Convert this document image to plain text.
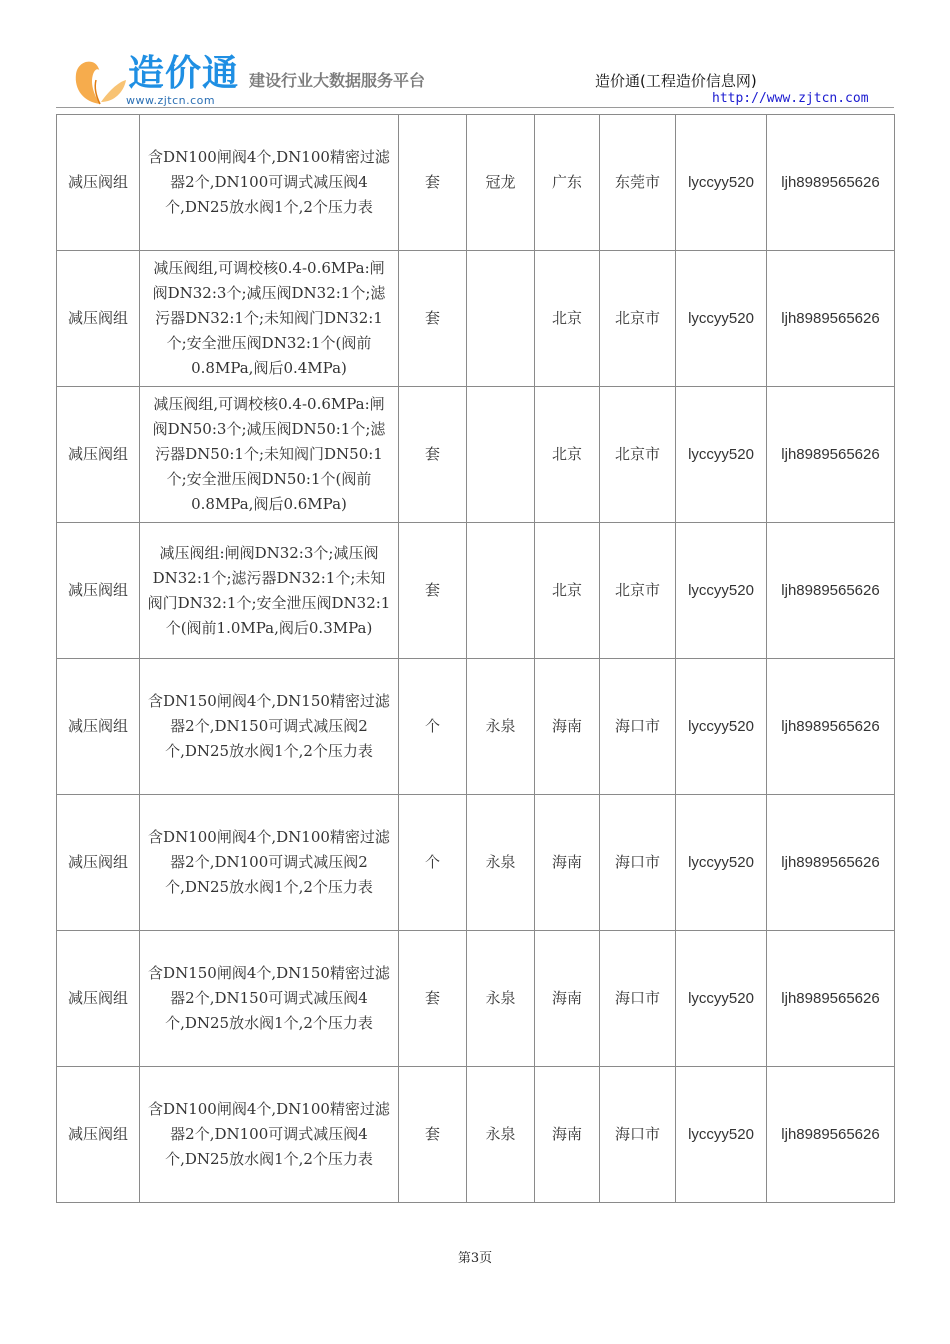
造价通
www.zjtcn.com
建设行业大数据服务平台	造价通(工程造价信息网)
http://www.zjtcn.com
减压阀组	含DN100闸阀4个,DN100精密过滤器2个,DN100可调式减压阀4个,DN25放水阀1个,2个压力表	套	冠龙	广东	东莞市	lyccyy520	ljh8989565626
减压阀组	减压阀组,可调校核0.4-0.6MPa:闸阀DN32:3个;减压阀DN32:1个;滤污器DN32:1个;未知阀门DN32:1个;安全泄压阀DN32:1个(阀前0.8MPa,阀后0.4MPa)	套		北京	北京市	lyccyy520	ljh8989565626
减压阀组	减压阀组,可调校核0.4-0.6MPa:闸阀DN50:3个;减压阀DN50:1个;滤污器DN50:1个;未知阀门DN50:1个;安全泄压阀DN50:1个(阀前0.8MPa,阀后0.6MPa)	套		北京	北京市	lyccyy520	ljh8989565626
减压阀组	减压阀组:闸阀DN32:3个;减压阀DN32:1个;滤污器DN32:1个;未知阀门DN32:1个;安全泄压阀DN32:1个(阀前1.0MPa,阀后0.3MPa)	套		北京	北京市	lyccyy520	ljh8989565626
减压阀组	含DN150闸阀4个,DN150精密过滤器2个,DN150可调式减压阀2个,DN25放水阀1个,2个压力表	个	永泉	海南	海口市	lyccyy520	ljh8989565626
减压阀组	含DN100闸阀4个,DN100精密过滤器2个,DN100可调式减压阀2个,DN25放水阀1个,2个压力表	个	永泉	海南	海口市	lyccyy520	ljh8989565626
减压阀组	含DN150闸阀4个,DN150精密过滤器2个,DN150可调式减压阀4个,DN25放水阀1个,2个压力表	套	永泉	海南	海口市	lyccyy520	ljh8989565626
减压阀组	含DN100闸阀4个,DN100精密过滤器2个,DN100可调式减压阀4个,DN25放水阀1个,2个压力表	套	永泉	海南	海口市	lyccyy520	ljh8989565626
第3页
